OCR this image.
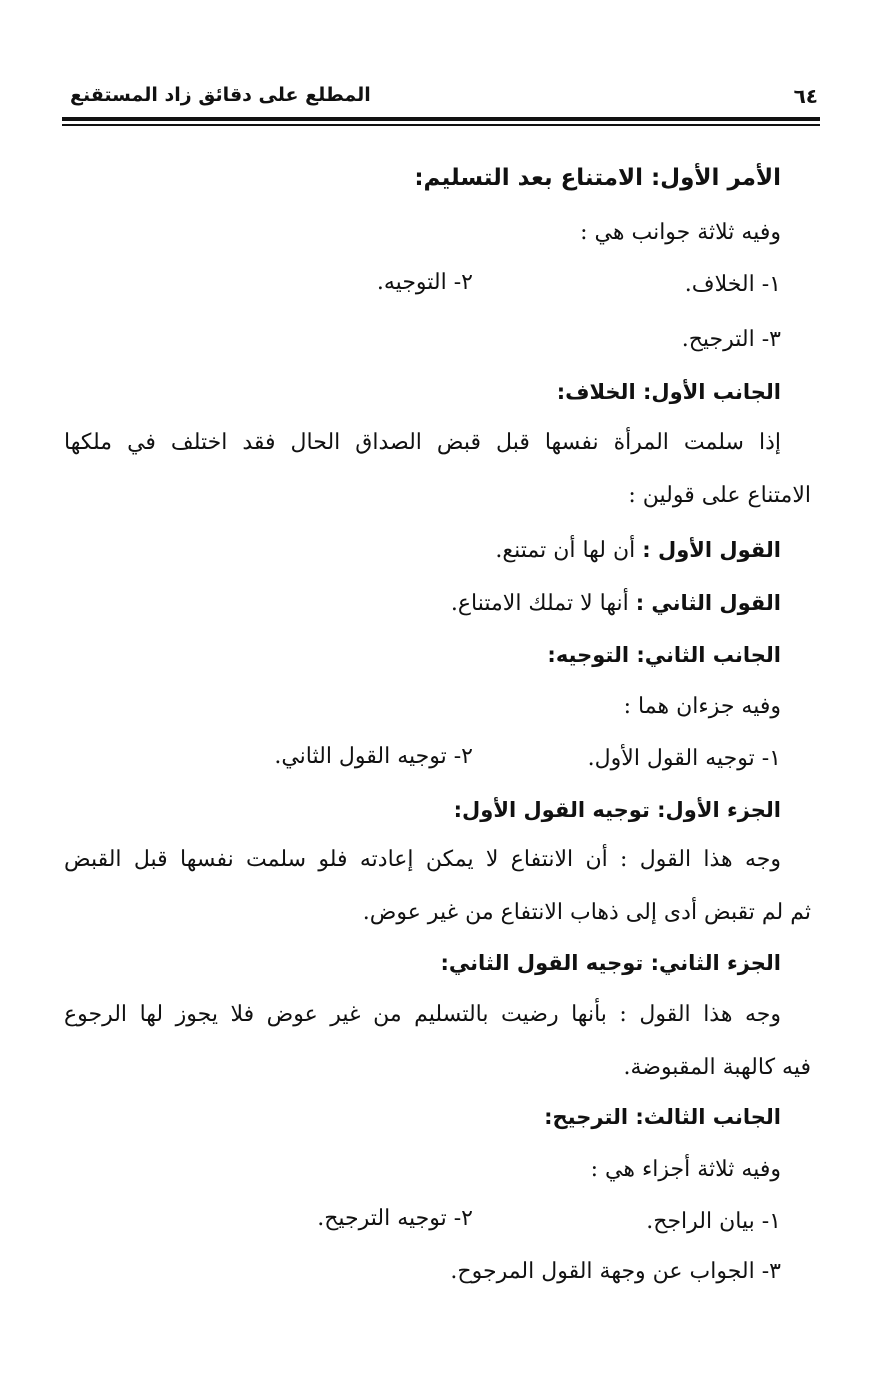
٦٤
المطلع على دقائق زاد المستقنع
الأمر الأول: الامتناع بعد التسليم:
وفيه ثلاثة جوانب هي :
١- الخلاف.
٢- التوجيه.
٣- الترجيح.
الجانب الأول: الخلاف:
إذا سلمت المرأة نفسها قبل قبض الصداق الحال فقد اختلف في ملكها
الامتناع على قولين :
القول الأول : أن لها أن تمتنع.
القول الثاني : أنها لا تملك الامتناع.
الجانب الثاني: التوجيه:
وفيه جزءان هما :
١- توجيه القول الأول.
٢- توجيه القول الثاني.
الجزء الأول: توجيه القول الأول:
وجه هذا القول : أن الانتفاع لا يمكن إعادته فلو سلمت نفسها قبل القبض
ثم لم تقبض أدى إلى ذهاب الانتفاع من غير عوض.
الجزء الثاني: توجيه القول الثاني:
وجه هذا القول : بأنها رضيت بالتسليم من غير عوض فلا يجوز لها الرجوع
فيه كالهبة المقبوضة.
الجانب الثالث: الترجيح:
وفيه ثلاثة أجزاء هي :
١- بيان الراجح.
٢- توجيه الترجيح.
٣- الجواب عن وجهة القول المرجوح.
